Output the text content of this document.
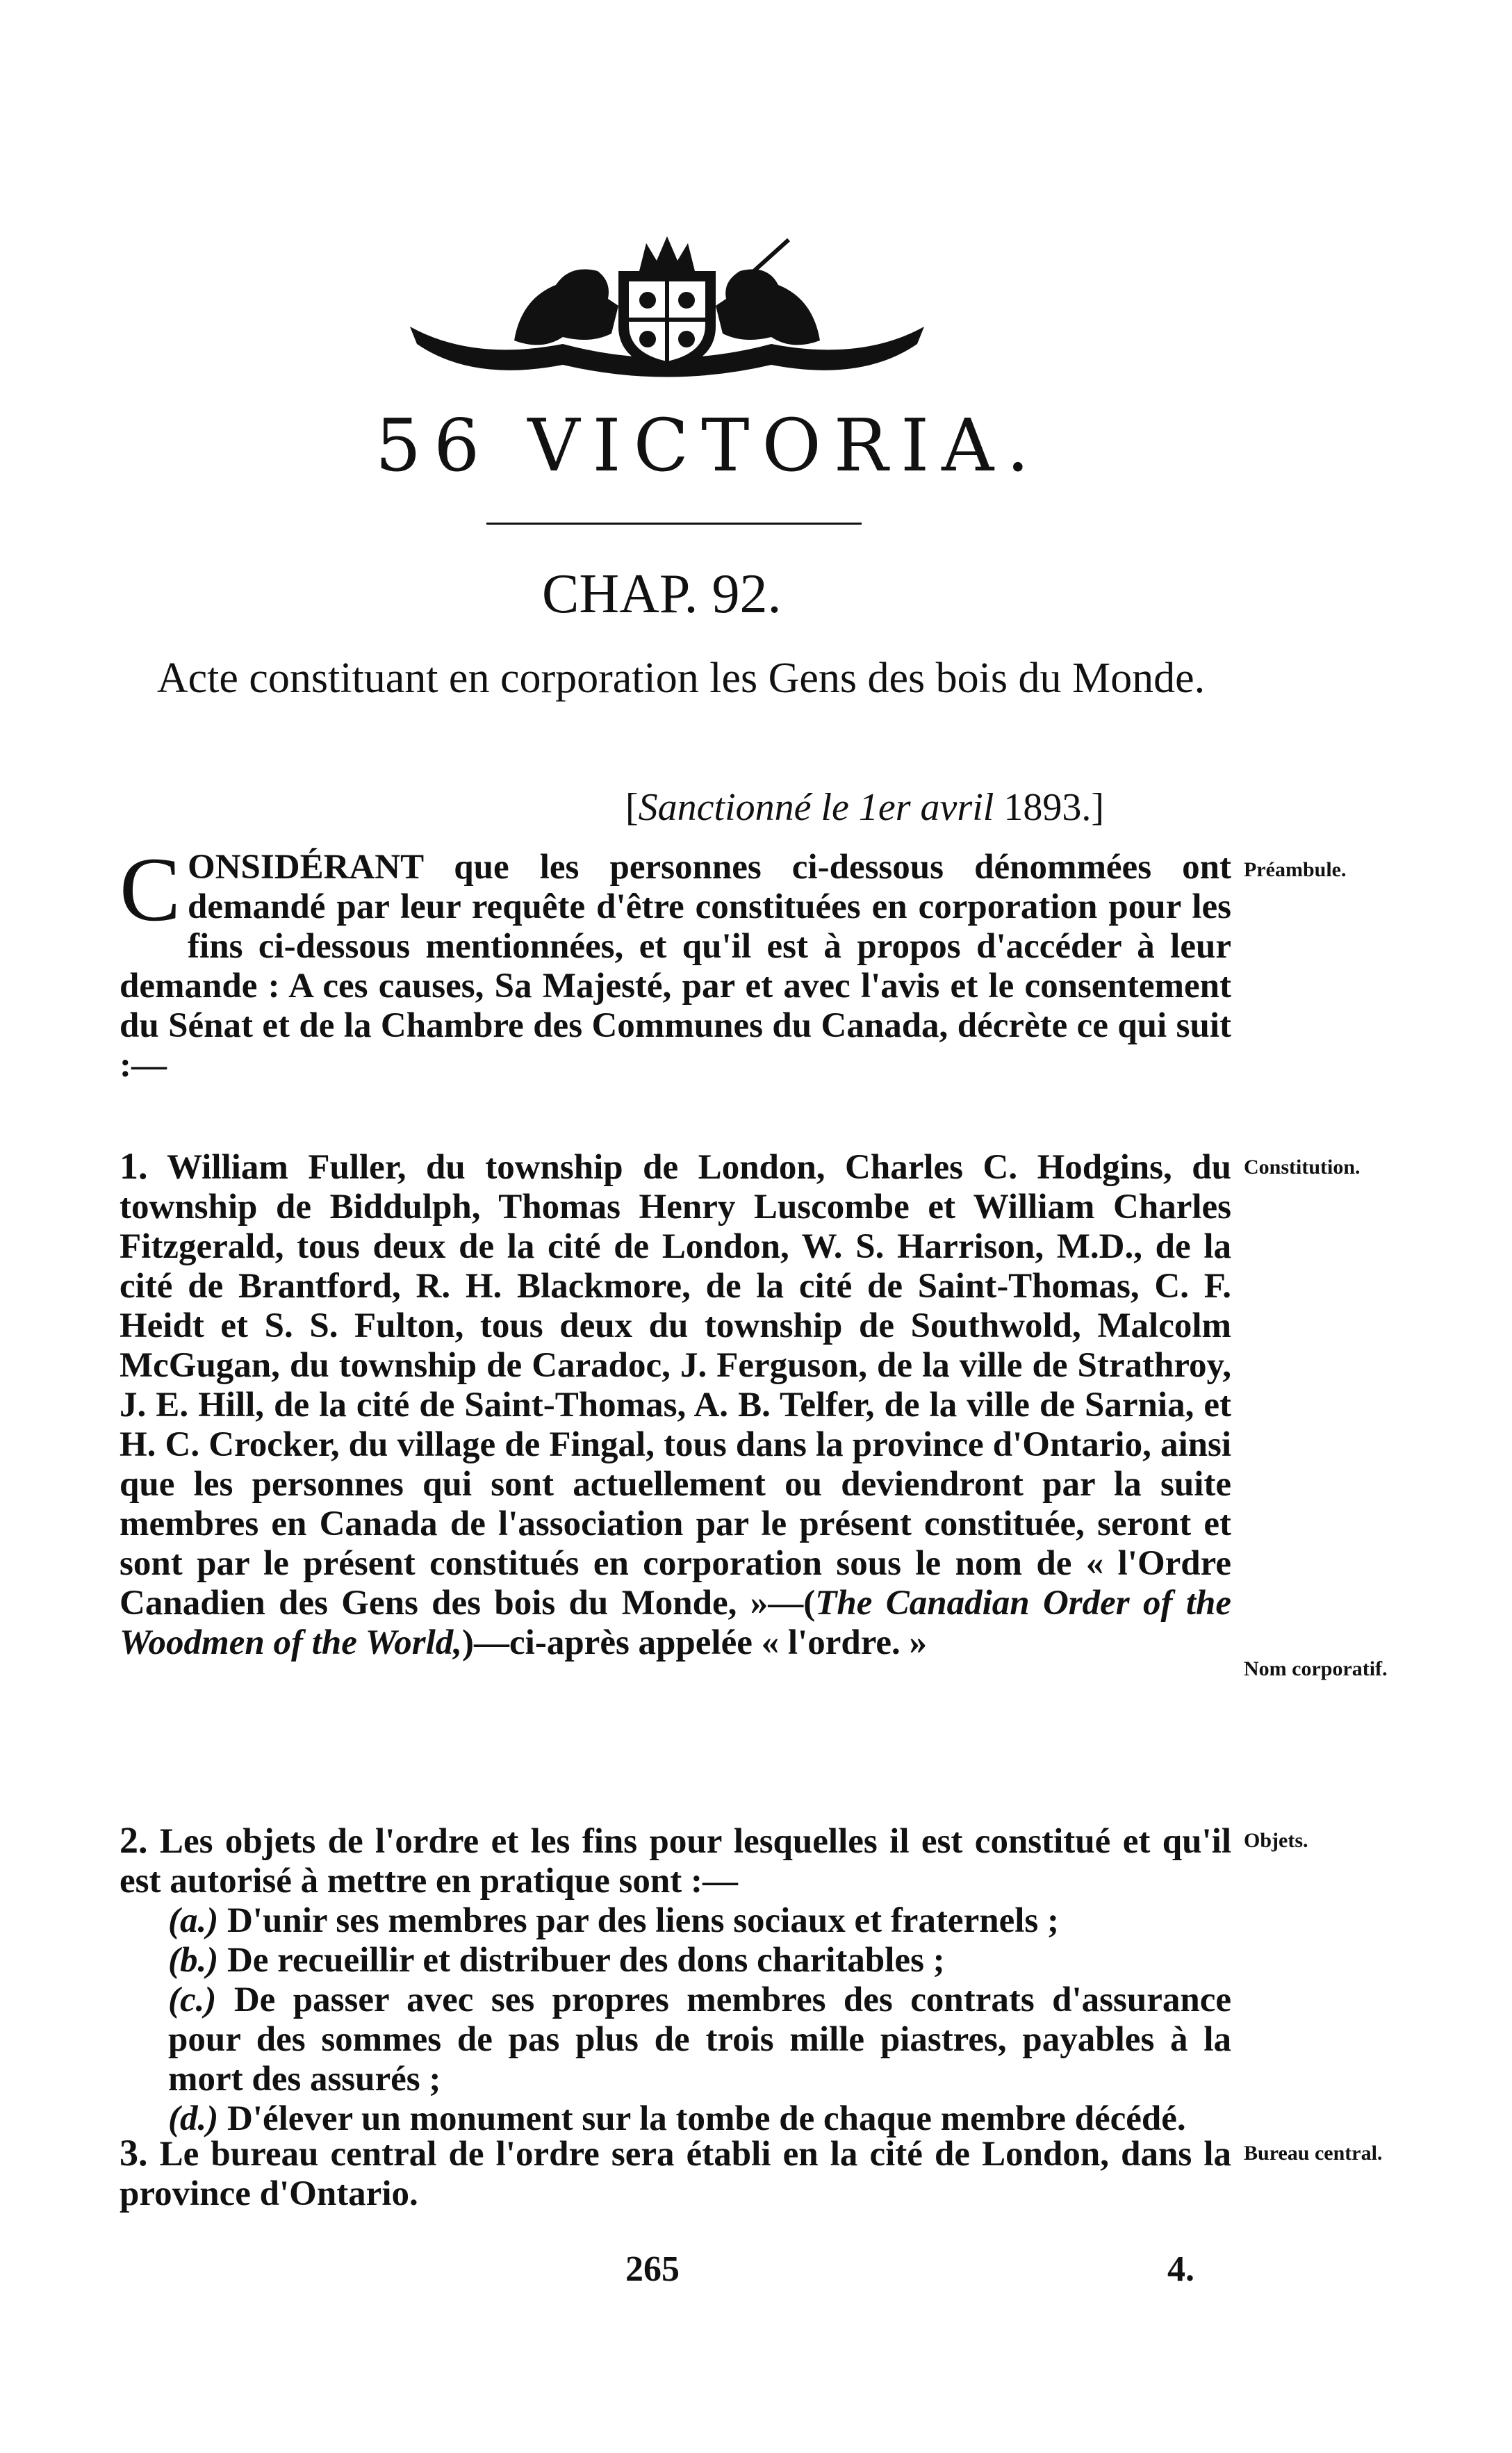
56 VICTORIA.
CHAP. 92.
Acte constituant en corporation les Gens des bois du Monde.
[Sanctionné le 1er avril 1893.]

CONSIDÉRANT que les personnes ci-dessous dénommées ont demandé par leur requête d'être constituées en corporation pour les fins ci-dessous mentionnées, et qu'il est à propos d'accéder à leur demande : A ces causes, Sa Majesté, par et avec l'avis et le consentement du Sénat et de la Chambre des Communes du Canada, décrète ce qui suit :—

Préambule.

1. William Fuller, du township de London, Charles C. Hodgins, du township de Biddulph, Thomas Henry Luscombe et William Charles Fitzgerald, tous deux de la cité de London, W. S. Harrison, M.D., de la cité de Brantford, R. H. Blackmore, de la cité de Saint-Thomas, C. F. Heidt et S. S. Fulton, tous deux du township de Southwold, Malcolm McGugan, du township de Caradoc, J. Ferguson, de la ville de Strathroy, J. E. Hill, de la cité de Saint-Thomas, A. B. Telfer, de la ville de Sarnia, et H. C. Crocker, du village de Fingal, tous dans la province d'Ontario, ainsi que les personnes qui sont actuellement ou deviendront par la suite membres en Canada de l'association par le présent constituée, seront et sont par le présent constitués en corporation sous le nom de « l'Ordre Canadien des Gens des bois du Monde, »—(The Canadian Order of the Woodmen of the World,)—ci-après appelée « l'ordre. »

Constitution.
Nom corporatif.

2. Les objets de l'ordre et les fins pour lesquelles il est constitué et qu'il est autorisé à mettre en pratique sont :—

(a.) D'unir ses membres par des liens sociaux et fraternels ;

(b.) De recueillir et distribuer des dons charitables ;

(c.) De passer avec ses propres membres des contrats d'assurance pour des sommes de pas plus de trois mille piastres, payables à la mort des assurés ;

(d.) D'élever un monument sur la tombe de chaque membre décédé.

Objets.

3. Le bureau central de l'ordre sera établi en la cité de London, dans la province d'Ontario.

Bureau central.
265	4.
